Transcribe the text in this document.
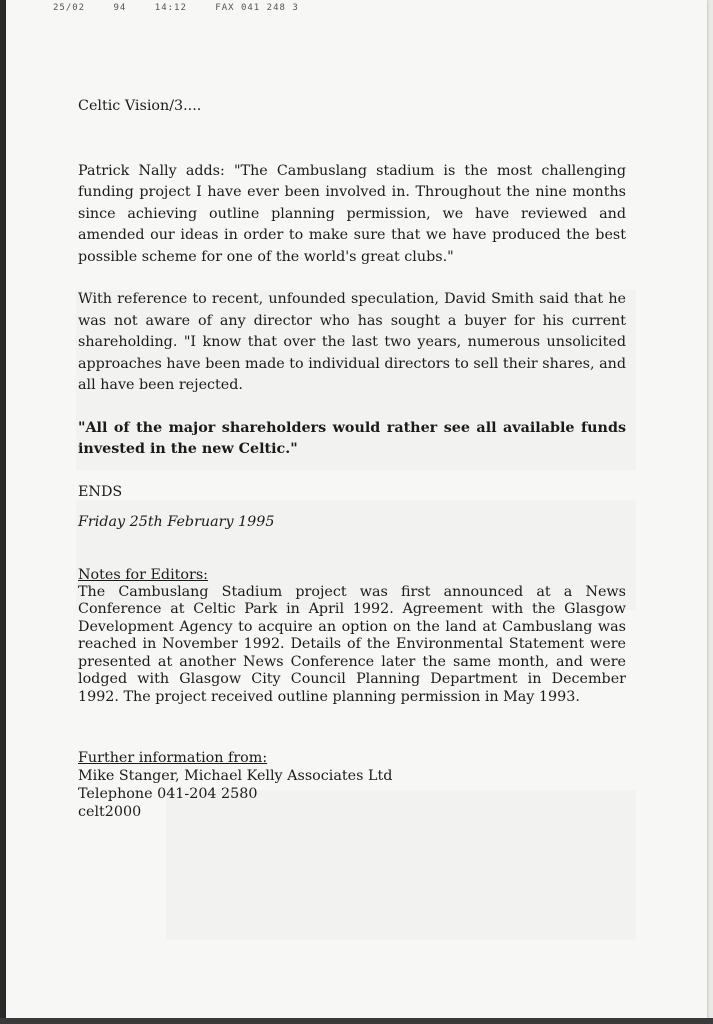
25/02	94	14:12	FAX 041 248 3

Celtic Vision/3....

Patrick Nally adds: "The Cambuslang stadium is the most challenging funding project I have ever been involved in. Throughout the nine months since achieving outline planning permission, we have reviewed and amended our ideas in order to make sure that we have produced the best possible scheme for one of the world's great clubs."

With reference to recent, unfounded speculation, David Smith said that he was not aware of any director who has sought a buyer for his current shareholding. "I know that over the last two years, numerous unsolicited approaches have been made to individual directors to sell their shares, and all have been rejected.

"All of the major shareholders would rather see all available funds invested in the new Celtic."

ENDS

Friday 25th February 1995

Notes for Editors:

The Cambuslang Stadium project was first announced at a News Conference at Celtic Park in April 1992. Agreement with the Glasgow Development Agency to acquire an option on the land at Cambuslang was reached in November 1992. Details of the Environmental Statement were presented at another News Conference later the same month, and were lodged with Glasgow City Council Planning Department in December 1992. The project received outline planning permission in May 1993.

Further information from:

Mike Stanger, Michael Kelly Associates Ltd

Telephone 041-204 2580

celt2000
